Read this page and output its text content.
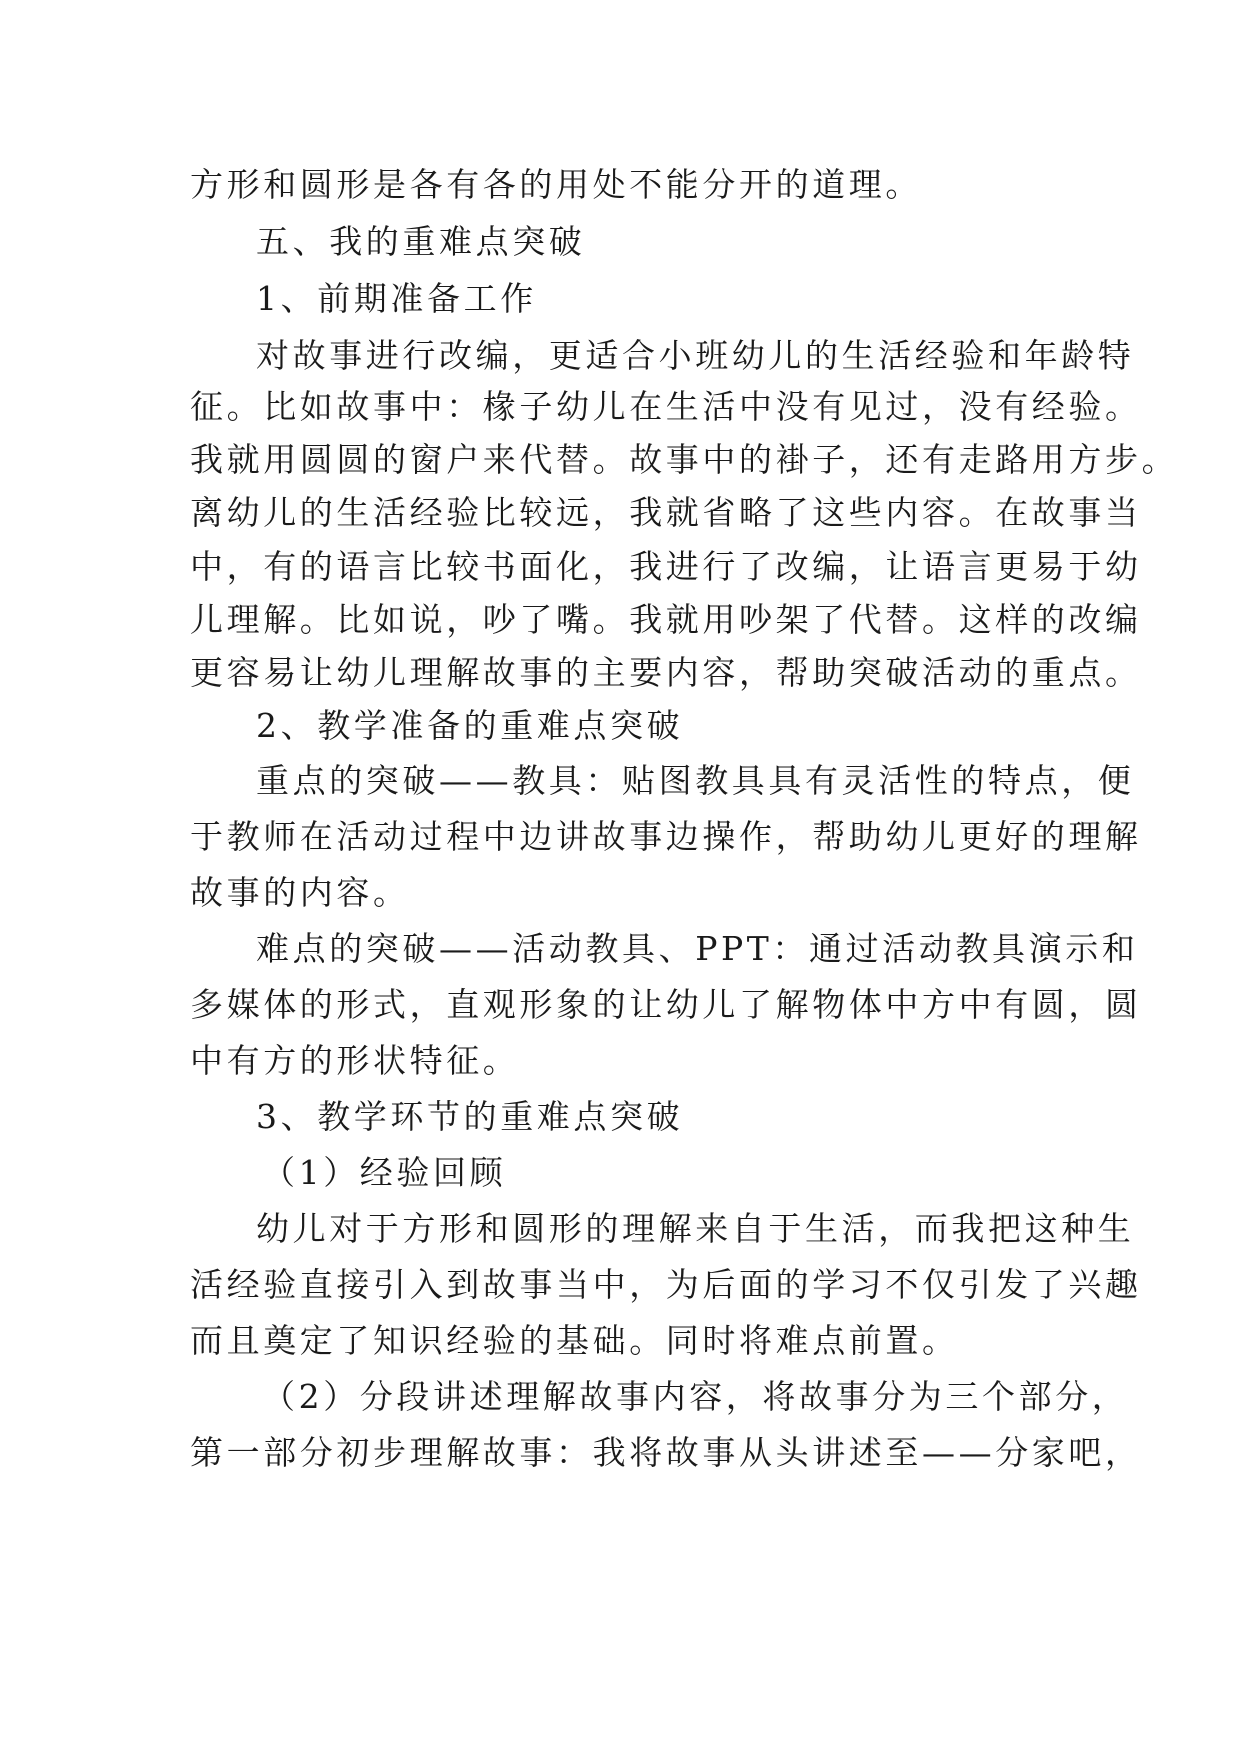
方形和圆形是各有各的用处不能分开的道理。
五、我的重难点突破
1、前期准备工作
对故事进行改编，更适合小班幼儿的生活经验和年龄特
征。比如故事中：椽子幼儿在生活中没有见过，没有经验。
我就用圆圆的窗户来代替。故事中的褂子，还有走路用方步。
离幼儿的生活经验比较远，我就省略了这些内容。在故事当
中，有的语言比较书面化，我进行了改编，让语言更易于幼
儿理解。比如说，吵了嘴。我就用吵架了代替。这样的改编
更容易让幼儿理解故事的主要内容，帮助突破活动的重点。
2、教学准备的重难点突破
重点的突破——教具：贴图教具具有灵活性的特点，便
于教师在活动过程中边讲故事边操作，帮助幼儿更好的理解
故事的内容。
难点的突破——活动教具、PPT：通过活动教具演示和
多媒体的形式，直观形象的让幼儿了解物体中方中有圆，圆
中有方的形状特征。
3、教学环节的重难点突破
（1）经验回顾
幼儿对于方形和圆形的理解来自于生活，而我把这种生
活经验直接引入到故事当中，为后面的学习不仅引发了兴趣
而且奠定了知识经验的基础。同时将难点前置。
（2）分段讲述理解故事内容，将故事分为三个部分，
第一部分初步理解故事：我将故事从头讲述至——分家吧，
